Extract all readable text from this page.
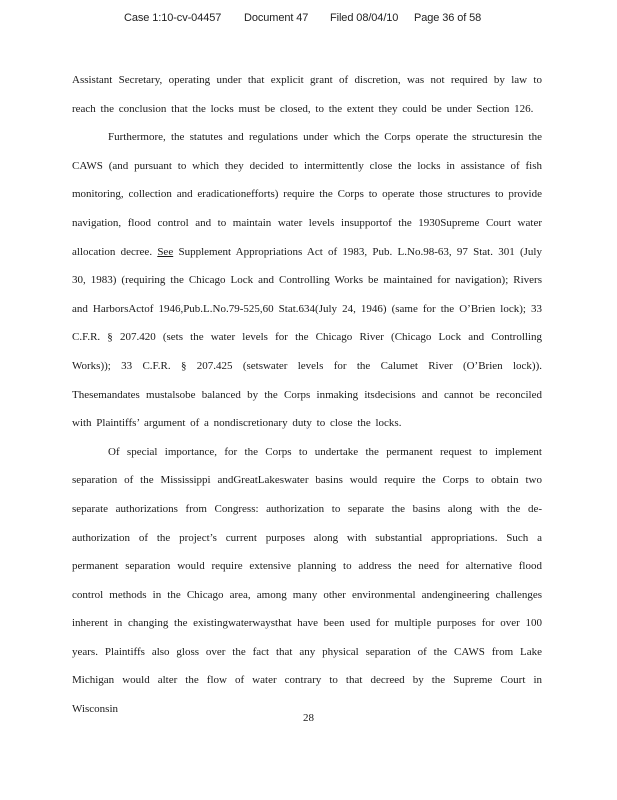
Case 1:10-cv-04457 Document 47 Filed 08/04/10 Page 36 of 58

Assistant Secretary, operating under that explicit grant of discretion, was not required by law to reach the conclusion that the locks must be closed, to the extent they could be under Section 126.

Furthermore, the statutes and regulations under which the Corps operate the structuresin the CAWS (and pursuant to which they decided to intermittently close the locks in assistance of fish monitoring, collection and eradicationefforts) require the Corps to operate those structures to provide navigation, flood control and to maintain water levels insupportof the 1930Supreme Court water allocation decree. See Supplement Appropriations Act of 1983, Pub. L.No.98-63, 97 Stat. 301 (July 30, 1983) (requiring the Chicago Lock and Controlling Works be maintained for navigation); Rivers and HarborsActof 1946,Pub.L.No.79-525,60 Stat.634(July 24, 1946) (same for the O’Brien lock); 33 C.F.R. § 207.420 (sets the water levels for the Chicago River (Chicago Lock and Controlling Works)); 33 C.F.R. § 207.425 (setswater levels for the Calumet River (O’Brien lock)). Thesemandates mustalsobe balanced by the Corps inmaking itsdecisions and cannot be reconciled with Plaintiffs’ argument of a nondiscretionary duty to close the locks.

Of special importance, for the Corps to undertake the permanent request to implement separation of the Mississippi andGreatLakeswater basins would require the Corps to obtain two separate authorizations from Congress: authorization to separate the basins along with the de-authorization of the project’s current purposes along with substantial appropriations. Such a permanent separation would require extensive planning to address the need for alternative flood control methods in the Chicago area, among many other environmental andengineering challenges inherent in changing the existingwaterwaysthat have been used for multiple purposes for over 100 years. Plaintiffs also gloss over the fact that any physical separation of the CAWS from Lake Michigan would alter the flow of water contrary to that decreed by the Supreme Court in Wisconsin

28
